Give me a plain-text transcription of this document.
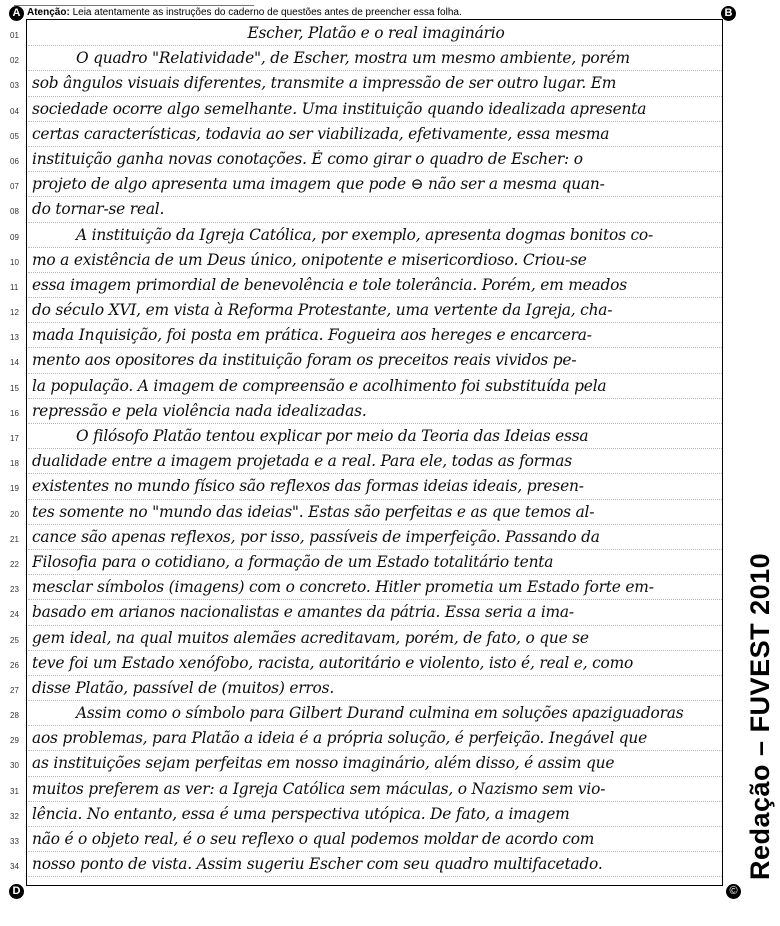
A	B
D
Atenção: Leia atentamente as instruções do caderno de questões antes de preencher essa folha.
01	Escher, Platão e o real imaginário
02	O quadro "Relatividade", de Escher, mostra um mesmo ambiente, porém
03 sob ângulos visuais diferentes, transmite a impressão de ser outro lugar. Em
04 sociedade ocorre algo semelhante. Uma instituição quando idealizada apresenta
05 certas características, todavia ao ser viabilizada, efetivamente, essa mesma
06 instituição ganha novas conotações. É como girar o quadro de Escher: o
07 projeto de algo apresenta uma imagem que pode ⊖ não ser a mesma quan-
08 do tornar-se real.
09	A instituição da Igreja Católica, por exemplo, apresenta dogmas bonitos co-
10 mo a existência de um Deus único, onipotente e misericordioso. Criou-se
11 essa imagem primordial de benevolência e tole tolerância. Porém, em meados
12 do século XVI, em vista à Reforma Protestante, uma vertente da Igreja, cha-
13 mada Inquisição, foi posta em prática. Fogueira aos hereges e encarcera-
14 mento aos opositores da instituição foram os preceitos reais vividos pe-
15 la população. A imagem de compreensão e acolhimento foi substituída pela
16 repressão e pela violência nada idealizadas.
17	O filósofo Platão tentou explicar por meio da Teoria das Ideias essa
18 dualidade entre a imagem projetada e a real. Para ele, todas as formas
19 existentes no mundo físico são reflexos das formas ideias ideais, presen-
20 tes somente no "mundo das ideias". Estas são perfeitas e as que temos al-
21 cance são apenas reflexos, por isso, passíveis de imperfeição. Passando da
22 Filosofia para o cotidiano, a formação de um Estado totalitário tenta
23 mesclar símbolos (imagens) com o concreto. Hitler prometia um Estado forte em-
24 basado em arianos nacionalistas e amantes da pátria. Essa seria a ima-
25 gem ideal, na qual muitos alemães acreditavam, porém, de fato, o que se
26 teve foi um Estado xenófobo, racista, autoritário e violento, isto é, real e, como
27 disse Platão, passível de (muitos) erros.
28	Assim como o símbolo para Gilbert Durand culmina em soluções apaziguadoras
29 aos problemas, para Platão a ideia é a própria solução, é perfeição. Inegável que
30 as instituições sejam perfeitas em nosso imaginário, além disso, é assim que
31 muitos preferem as ver: a Igreja Católica sem máculas, o Nazismo sem vio-
32 lência. No entanto, essa é uma perspectiva utópica. De fato, a imagem
33 não é o objeto real, é o seu reflexo o qual podemos moldar de acordo com
34 nosso ponto de vista. Assim sugeriu Escher com seu quadro multifacetado.	Redação – FUVEST 2010
©
